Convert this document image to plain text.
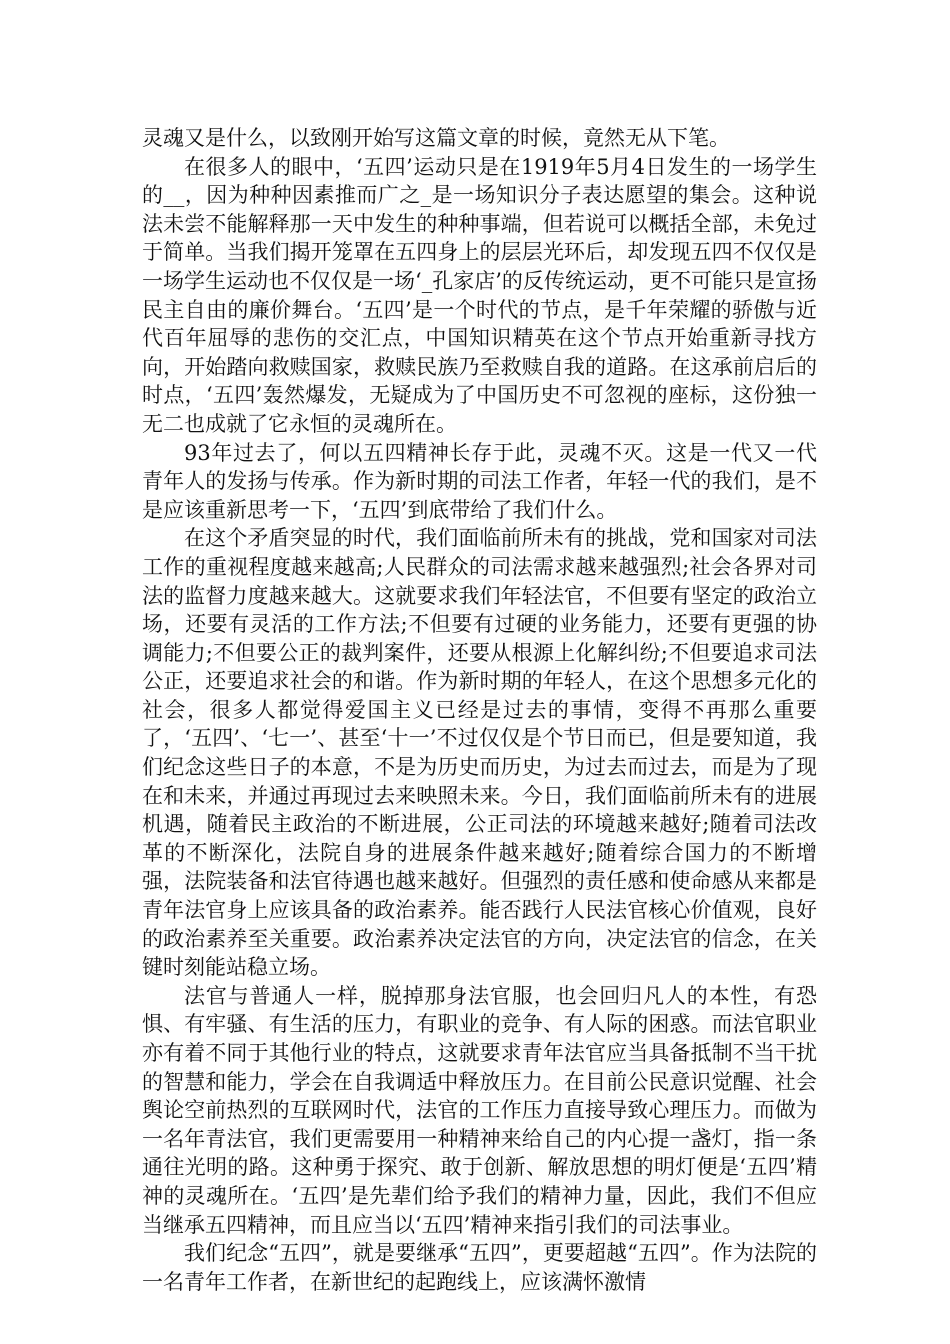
灵魂又是什么，以致刚开始写这篇文章的时候，竟然无从下笔。

在很多人的眼中，‘五四’运动只是在1919年5月4日发生的一场学生的__，因为种种因素推而广之_是一场知识分子表达愿望的集会。这种说法未尝不能解释那一天中发生的种种事端，但若说可以概括全部，未免过于简单。当我们揭开笼罩在五四身上的层层光环后，却发现五四不仅仅是一场学生运动也不仅仅是一场‘_孔家店’的反传统运动，更不可能只是宣扬民主自由的廉价舞台。‘五四’是一个时代的节点，是千年荣耀的骄傲与近代百年屈辱的悲伤的交汇点，中国知识精英在这个节点开始重新寻找方向，开始踏向救赎国家，救赎民族乃至救赎自我的道路。在这承前启后的时点，‘五四’轰然爆发，无疑成为了中国历史不可忽视的座标，这份独一无二也成就了它永恒的灵魂所在。

93年过去了，何以五四精神长存于此，灵魂不灭。这是一代又一代青年人的发扬与传承。作为新时期的司法工作者，年轻一代的我们，是不是应该重新思考一下，‘五四’到底带给了我们什么。

在这个矛盾突显的时代，我们面临前所未有的挑战，党和国家对司法工作的重视程度越来越高;人民群众的司法需求越来越强烈;社会各界对司法的监督力度越来越大。这就要求我们年轻法官，不但要有坚定的政治立场，还要有灵活的工作方法;不但要有过硬的业务能力，还要有更强的协调能力;不但要公正的裁判案件，还要从根源上化解纠纷;不但要追求司法公正，还要追求社会的和谐。作为新时期的年轻人，在这个思想多元化的社会，很多人都觉得爱国主义已经是过去的事情，变得不再那么重要了，‘五四’、‘七一’、甚至‘十一’不过仅仅是个节日而已，但是要知道，我们纪念这些日子的本意，不是为历史而历史，为过去而过去，而是为了现在和未来，并通过再现过去来映照未来。今日，我们面临前所未有的进展机遇，随着民主政治的不断进展，公正司法的环境越来越好;随着司法改革的不断深化，法院自身的进展条件越来越好;随着综合国力的不断增强，法院装备和法官待遇也越来越好。但强烈的责任感和使命感从来都是青年法官身上应该具备的政治素养。能否践行人民法官核心价值观，良好的政治素养至关重要。政治素养决定法官的方向，决定法官的信念，在关键时刻能站稳立场。

法官与普通人一样，脱掉那身法官服，也会回归凡人的本性，有恐惧、有牢骚、有生活的压力，有职业的竞争、有人际的困惑。而法官职业亦有着不同于其他行业的特点，这就要求青年法官应当具备抵制不当干扰的智慧和能力，学会在自我调适中释放压力。在目前公民意识觉醒、社会舆论空前热烈的互联网时代，法官的工作压力直接导致心理压力。而做为一名年青法官，我们更需要用一种精神来给自己的内心提一盏灯，指一条通往光明的路。这种勇于探究、敢于创新、解放思想的明灯便是‘五四’精神的灵魂所在。‘五四’是先辈们给予我们的精神力量，因此，我们不但应当继承五四精神，而且应当以‘五四’精神来指引我们的司法事业。

我们纪念“五四”，就是要继承“五四”，更要超越“五四”。作为法院的一名青年工作者，在新世纪的起跑线上，应该满怀激情
